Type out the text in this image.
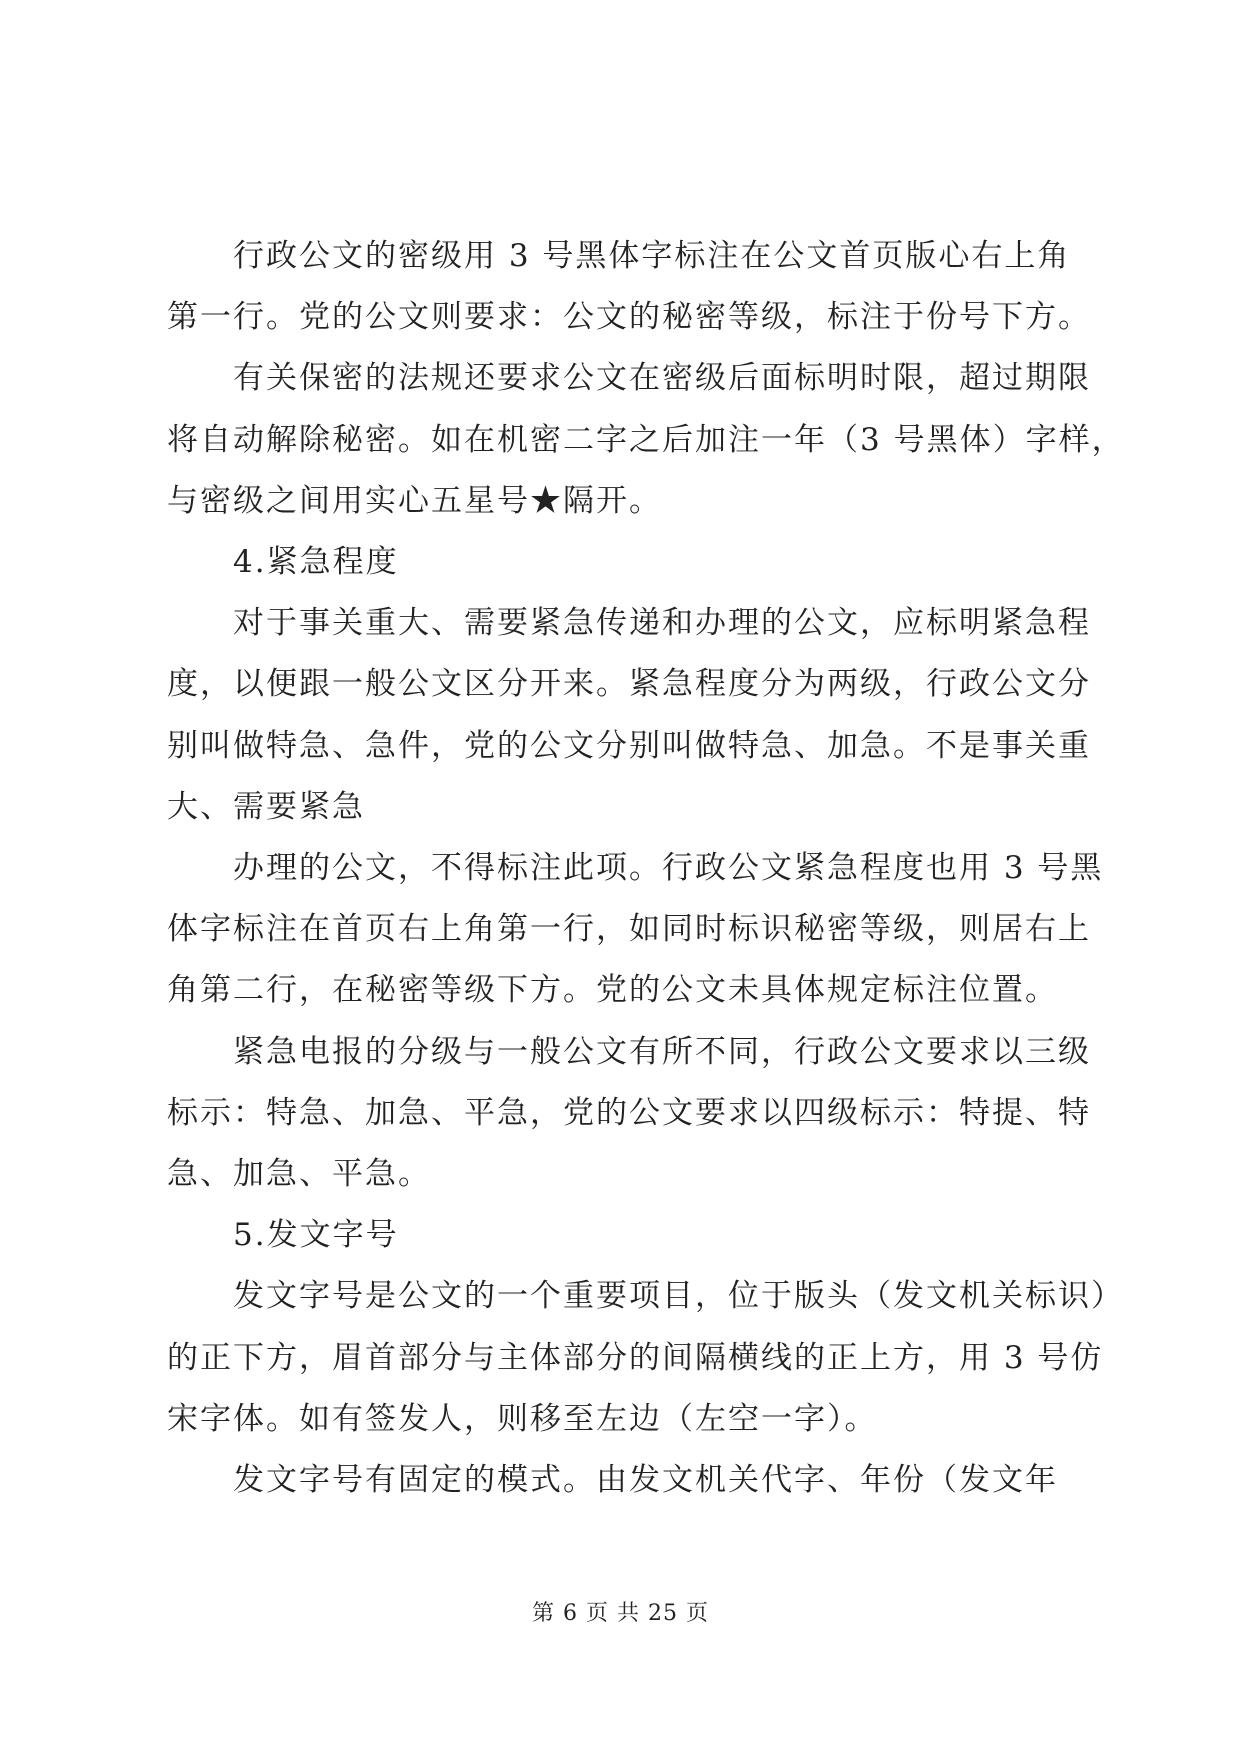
行政公文的密级用 3 号黑体字标注在公文首页版心右上角

第一行。党的公文则要求：公文的秘密等级，标注于份号下方。

有关保密的法规还要求公文在密级后面标明时限，超过期限

将自动解除秘密。如在机密二字之后加注一年（3 号黑体）字样，

与密级之间用实心五星号★隔开。

4.紧急程度

对于事关重大、需要紧急传递和办理的公文，应标明紧急程

度，以便跟一般公文区分开来。紧急程度分为两级，行政公文分

别叫做特急、急件，党的公文分别叫做特急、加急。不是事关重

大、需要紧急

办理的公文，不得标注此项。行政公文紧急程度也用 3 号黑

体字标注在首页右上角第一行，如同时标识秘密等级，则居右上

角第二行，在秘密等级下方。党的公文未具体规定标注位置。

紧急电报的分级与一般公文有所不同，行政公文要求以三级

标示：特急、加急、平急，党的公文要求以四级标示：特提、特

急、加急、平急。

5.发文字号

发文字号是公文的一个重要项目，位于版头（发文机关标识）

的正下方，眉首部分与主体部分的间隔横线的正上方，用 3 号仿

宋字体。如有签发人，则移至左边（左空一字）。

发文字号有固定的模式。由发文机关代字、年份（发文年

第 6 页 共 25 页
